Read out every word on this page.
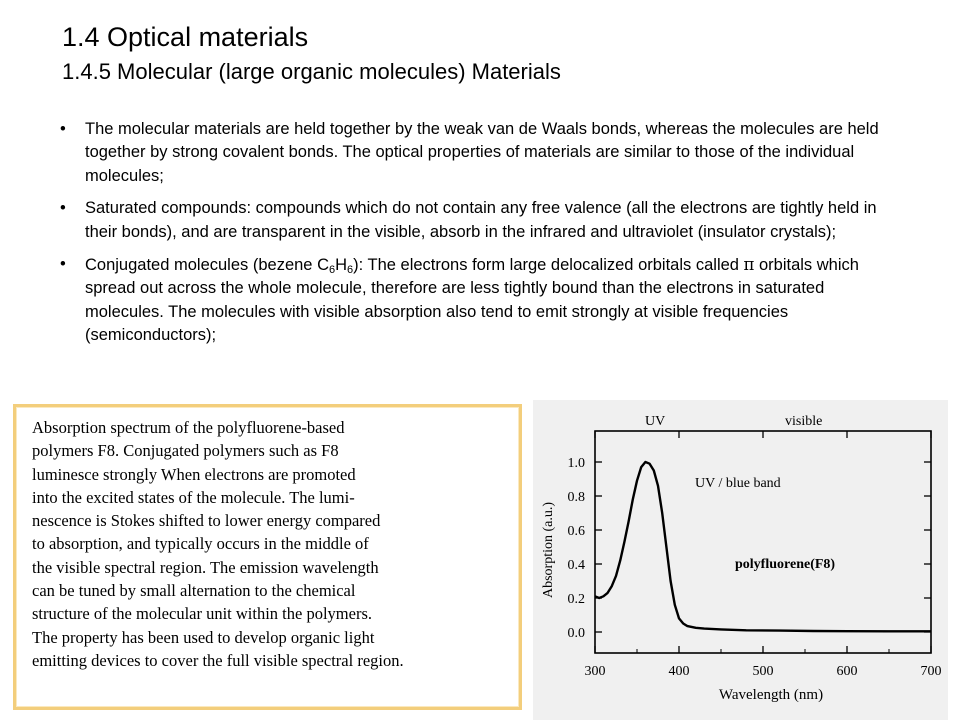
1.4 Optical materials
1.4.5 Molecular (large organic molecules) Materials
• The molecular materials are held together by the weak van de Waals bonds, whereas the molecules are held together by strong covalent bonds. The optical properties of materials are similar to those of the individual molecules;
• Saturated compounds: compounds which do not contain any free valence (all the electrons are tightly held in their bonds), and are transparent in the visible, absorb in the infrared and ultraviolet (insulator crystals);
• Conjugated molecules (bezene $C_6H_6$): The electrons form large delocalized orbitals called π orbitals which spread out across the whole molecule, therefore are less tightly bound than the electrons in saturated molecules. The molecules with visible absorption also tend to emit strongly at visible frequencies (semiconductors);

Absorption spectrum of the polyfluorene-based
polymers F8. Conjugated polymers such as F8
luminesce strongly When electrons are promoted
into the excited states of the molecule. The lumi-
nescence is Stokes shifted to lower energy compared
to absorption, and typically occurs in the middle of
the visible spectral region. The emission wavelength
can be tuned by small alternation to the chemical
structure of the molecular unit within the polymers.
The property has been used to develop organic light
emitting devices to cover the full visible spectral region.

300	400	500	600	700
0.0
0.2
0.4
0.6
0.8
1.0
UV	visible
UV / blue band
polyfluorene(F8)
Wavelength (nm)
Absorption (a.u.)
